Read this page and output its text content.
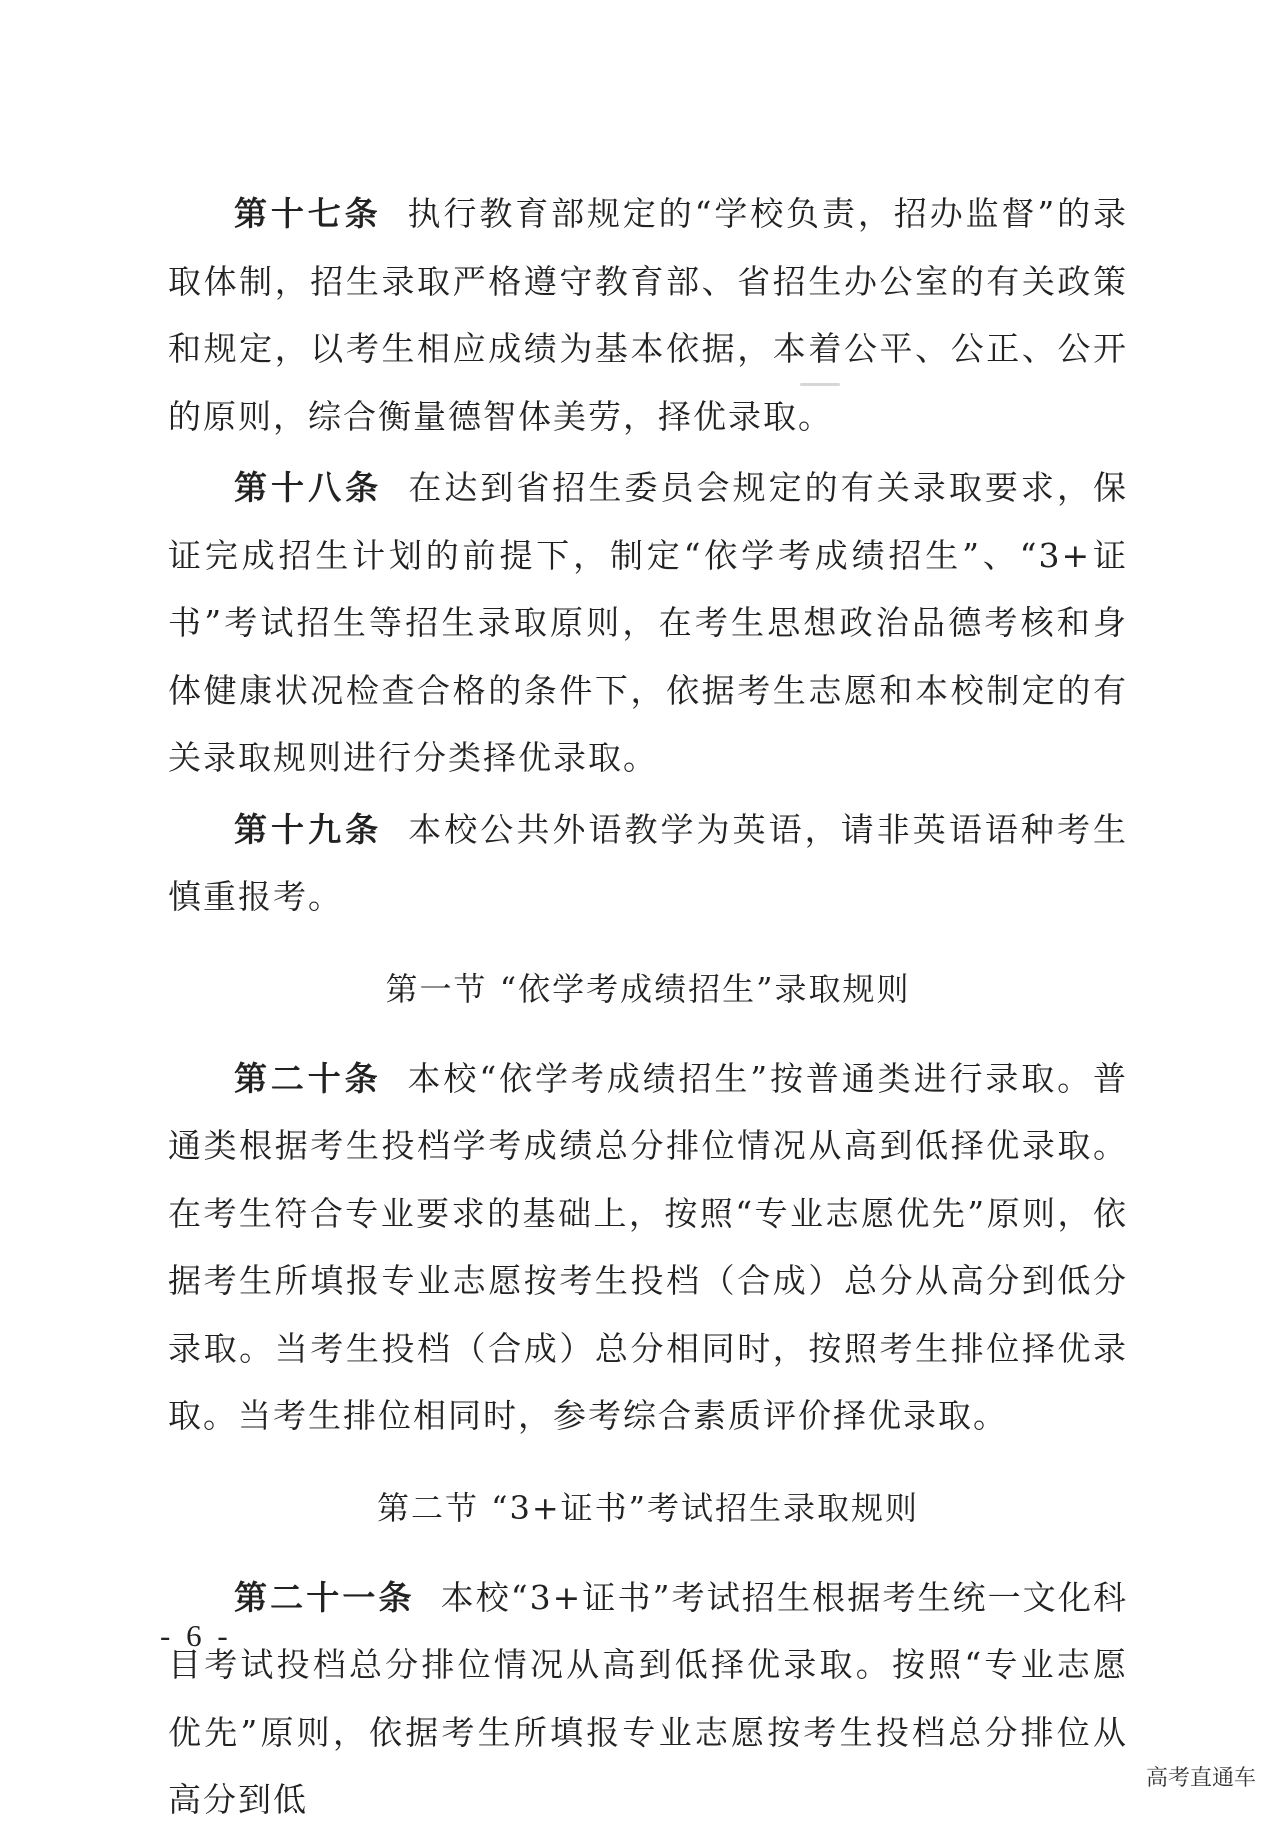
第十七条 执行教育部规定的“学校负责，招办监督”的录取体制，招生录取严格遵守教育部、省招生办公室的有关政策和规定，以考生相应成绩为基本依据，本着公平、公正、公开的原则，综合衡量德智体美劳，择优录取。

第十八条 在达到省招生委员会规定的有关录取要求，保证完成招生计划的前提下，制定“依学考成绩招生”、“3+证书”考试招生等招生录取原则，在考生思想政治品德考核和身体健康状况检查合格的条件下，依据考生志愿和本校制定的有关录取规则进行分类择优录取。

第十九条 本校公共外语教学为英语，请非英语语种考生慎重报考。

第一节 “依学考成绩招生”录取规则

第二十条 本校“依学考成绩招生”按普通类进行录取。普通类根据考生投档学考成绩总分排位情况从高到低择优录取。在考生符合专业要求的基础上，按照“专业志愿优先”原则，依据考生所填报专业志愿按考生投档（合成）总分从高分到低分录取。当考生投档（合成）总分相同时，按照考生排位择优录取。当考生排位相同时，参考综合素质评价择优录取。

第二节 “3+证书”考试招生录取规则

第二十一条 本校“3+证书”考试招生根据考生统一文化科目考试投档总分排位情况从高到低择优录取。按照“专业志愿优先”原则，依据考生所填报专业志愿按考生投档总分排位从高分到低

- 6 -
高考直通车
